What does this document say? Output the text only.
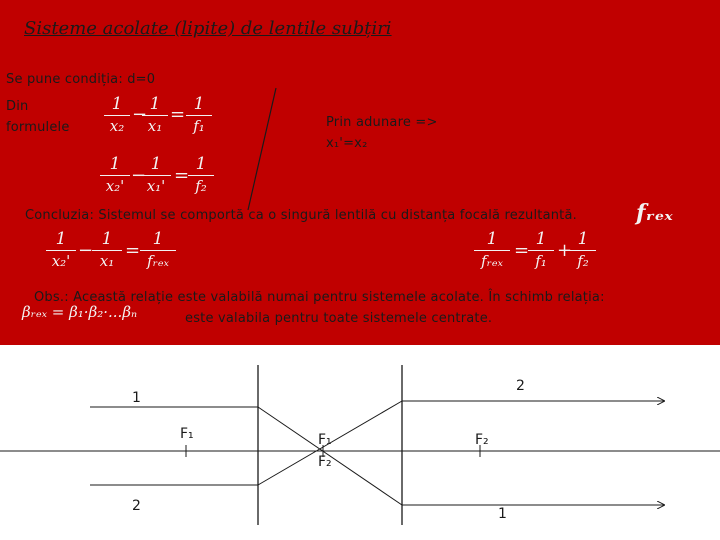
Sisteme acolate (lipite) de lentile subțiri
Se pune condiția: d=0
Din
formulele
1
x₂
− 1
x₁
= 1
f₁
1
x₂' −
1
x₁' =
1
f₂
Prin adunare =>
x₁'=x₂
Concluzia: Sistemul se comportă ca o singură lentilă cu distanța focală rezultantă.	fᵣₑₓ
1
x₂' −
1
x₁ =
1
fᵣₑₓ
1
fᵣₑₓ =
1
f₁ +
1
f₂
Obs.: Această relație este valabilă numai pentru sistemele acolate. În schimb relația:
βᵣₑₓ = β₁·β₂·...βₙ	este valabila pentru toate sistemele centrate.
1
2
2	1
F₁	F₁
F₂
F₂
